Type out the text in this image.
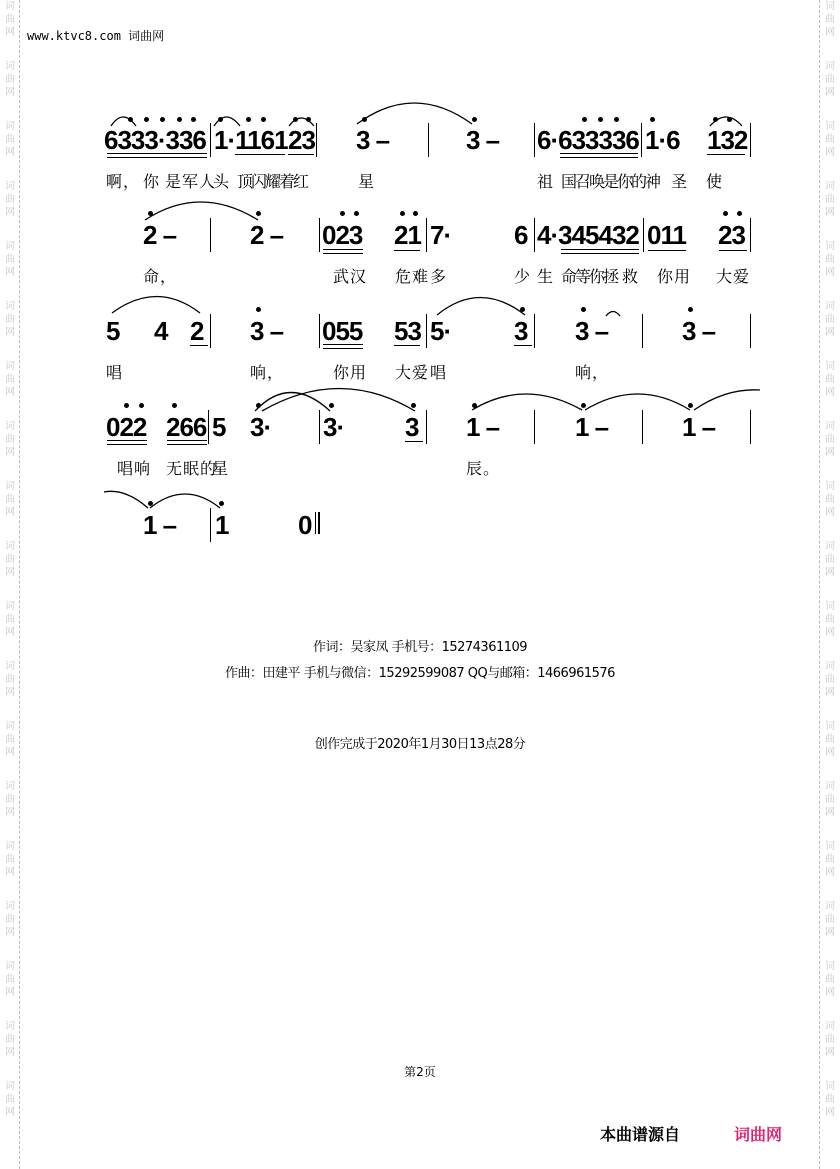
词
曲
网
词
曲
网
词
曲
网
词
曲
网
词
曲
网
词
曲
网
词
曲
网
词
曲
网
词
曲
网
词
曲
网
词
曲
网
词
曲
网
词
曲
网
词
曲
网
词
曲
网
词
曲
网
词
曲
网
词
曲
网
词
曲
网
词
曲
网
词
曲
网
词
曲
网
词
曲
网
词
曲
网
词
曲
网
词
曲
网
词
曲
网
词
曲
网
词
曲
网
词
曲
网
词
曲
网
词
曲
网
词
曲
网
词
曲
网
词
曲
网
词
曲
网
词
曲
网
词
曲
网
www.ktvc8.com 词曲网
6333·336 1·1161 23 3 –	3 – 6·633336 1·6 132
啊， 你 是军人
头 顶闪耀着红	星	祖 国召唤是你的 神 圣 使
2 –	2 – 023 21 7· 6 4·345432 011 23
命，	武汉 危难 多	少 生 命等你拯 救 你用 大爱
5 4 2 3 – 055 53 5· 3 3 –	3 –
唱	响，	你用 大爱 唱	响，
022 266 5 3· 3· 3 1 –	1 –	1 –
唱响 无眠的
星	辰。
1 – 1	0
作词：吴家凤 手机号：15274361109
作曲：田建平 手机与微信：15292599087 QQ与邮箱：1466961576
创作完成于2020年1月30日13点28分
第2页
本曲谱源自	词曲网
